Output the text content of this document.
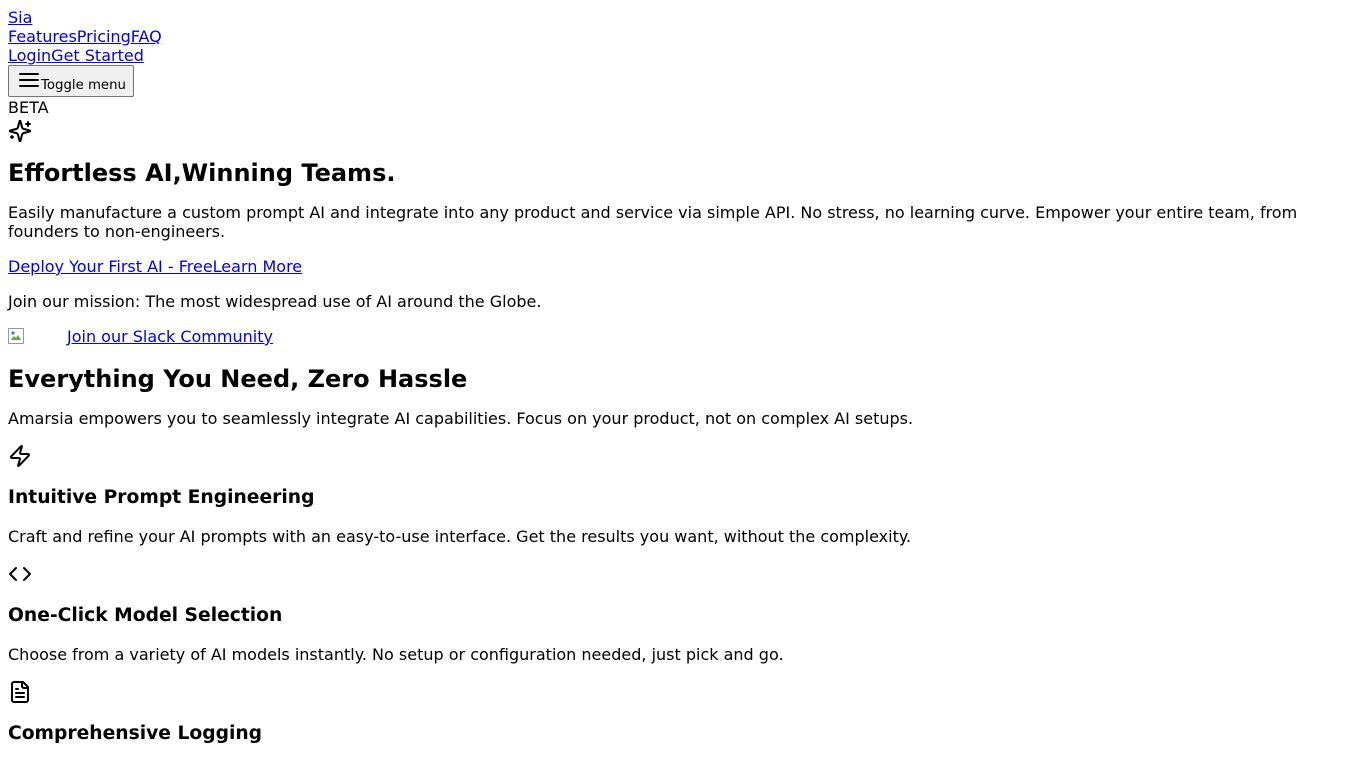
Sia
FeaturesPricingFAQ
LoginGet Started
Toggle menu
BETA
Effortless AI,Winning Teams.

Easily manufacture a custom prompt AI and integrate into any product and service via simple API. No stress, no learning curve. Empower your entire team, from founders to non-engineers.

Deploy Your First AI - FreeLearn More

Join our mission: The most widespread use of AI around the Globe.

Join our Slack Community

Everything You Need, Zero Hassle

Amarsia empowers you to seamlessly integrate AI capabilities. Focus on your product, not on complex AI setups.

Intuitive Prompt Engineering

Craft and refine your AI prompts with an easy-to-use interface. Get the results you want, without the complexity.

One-Click Model Selection

Choose from a variety of AI models instantly. No setup or configuration needed, just pick and go.

Comprehensive Logging
